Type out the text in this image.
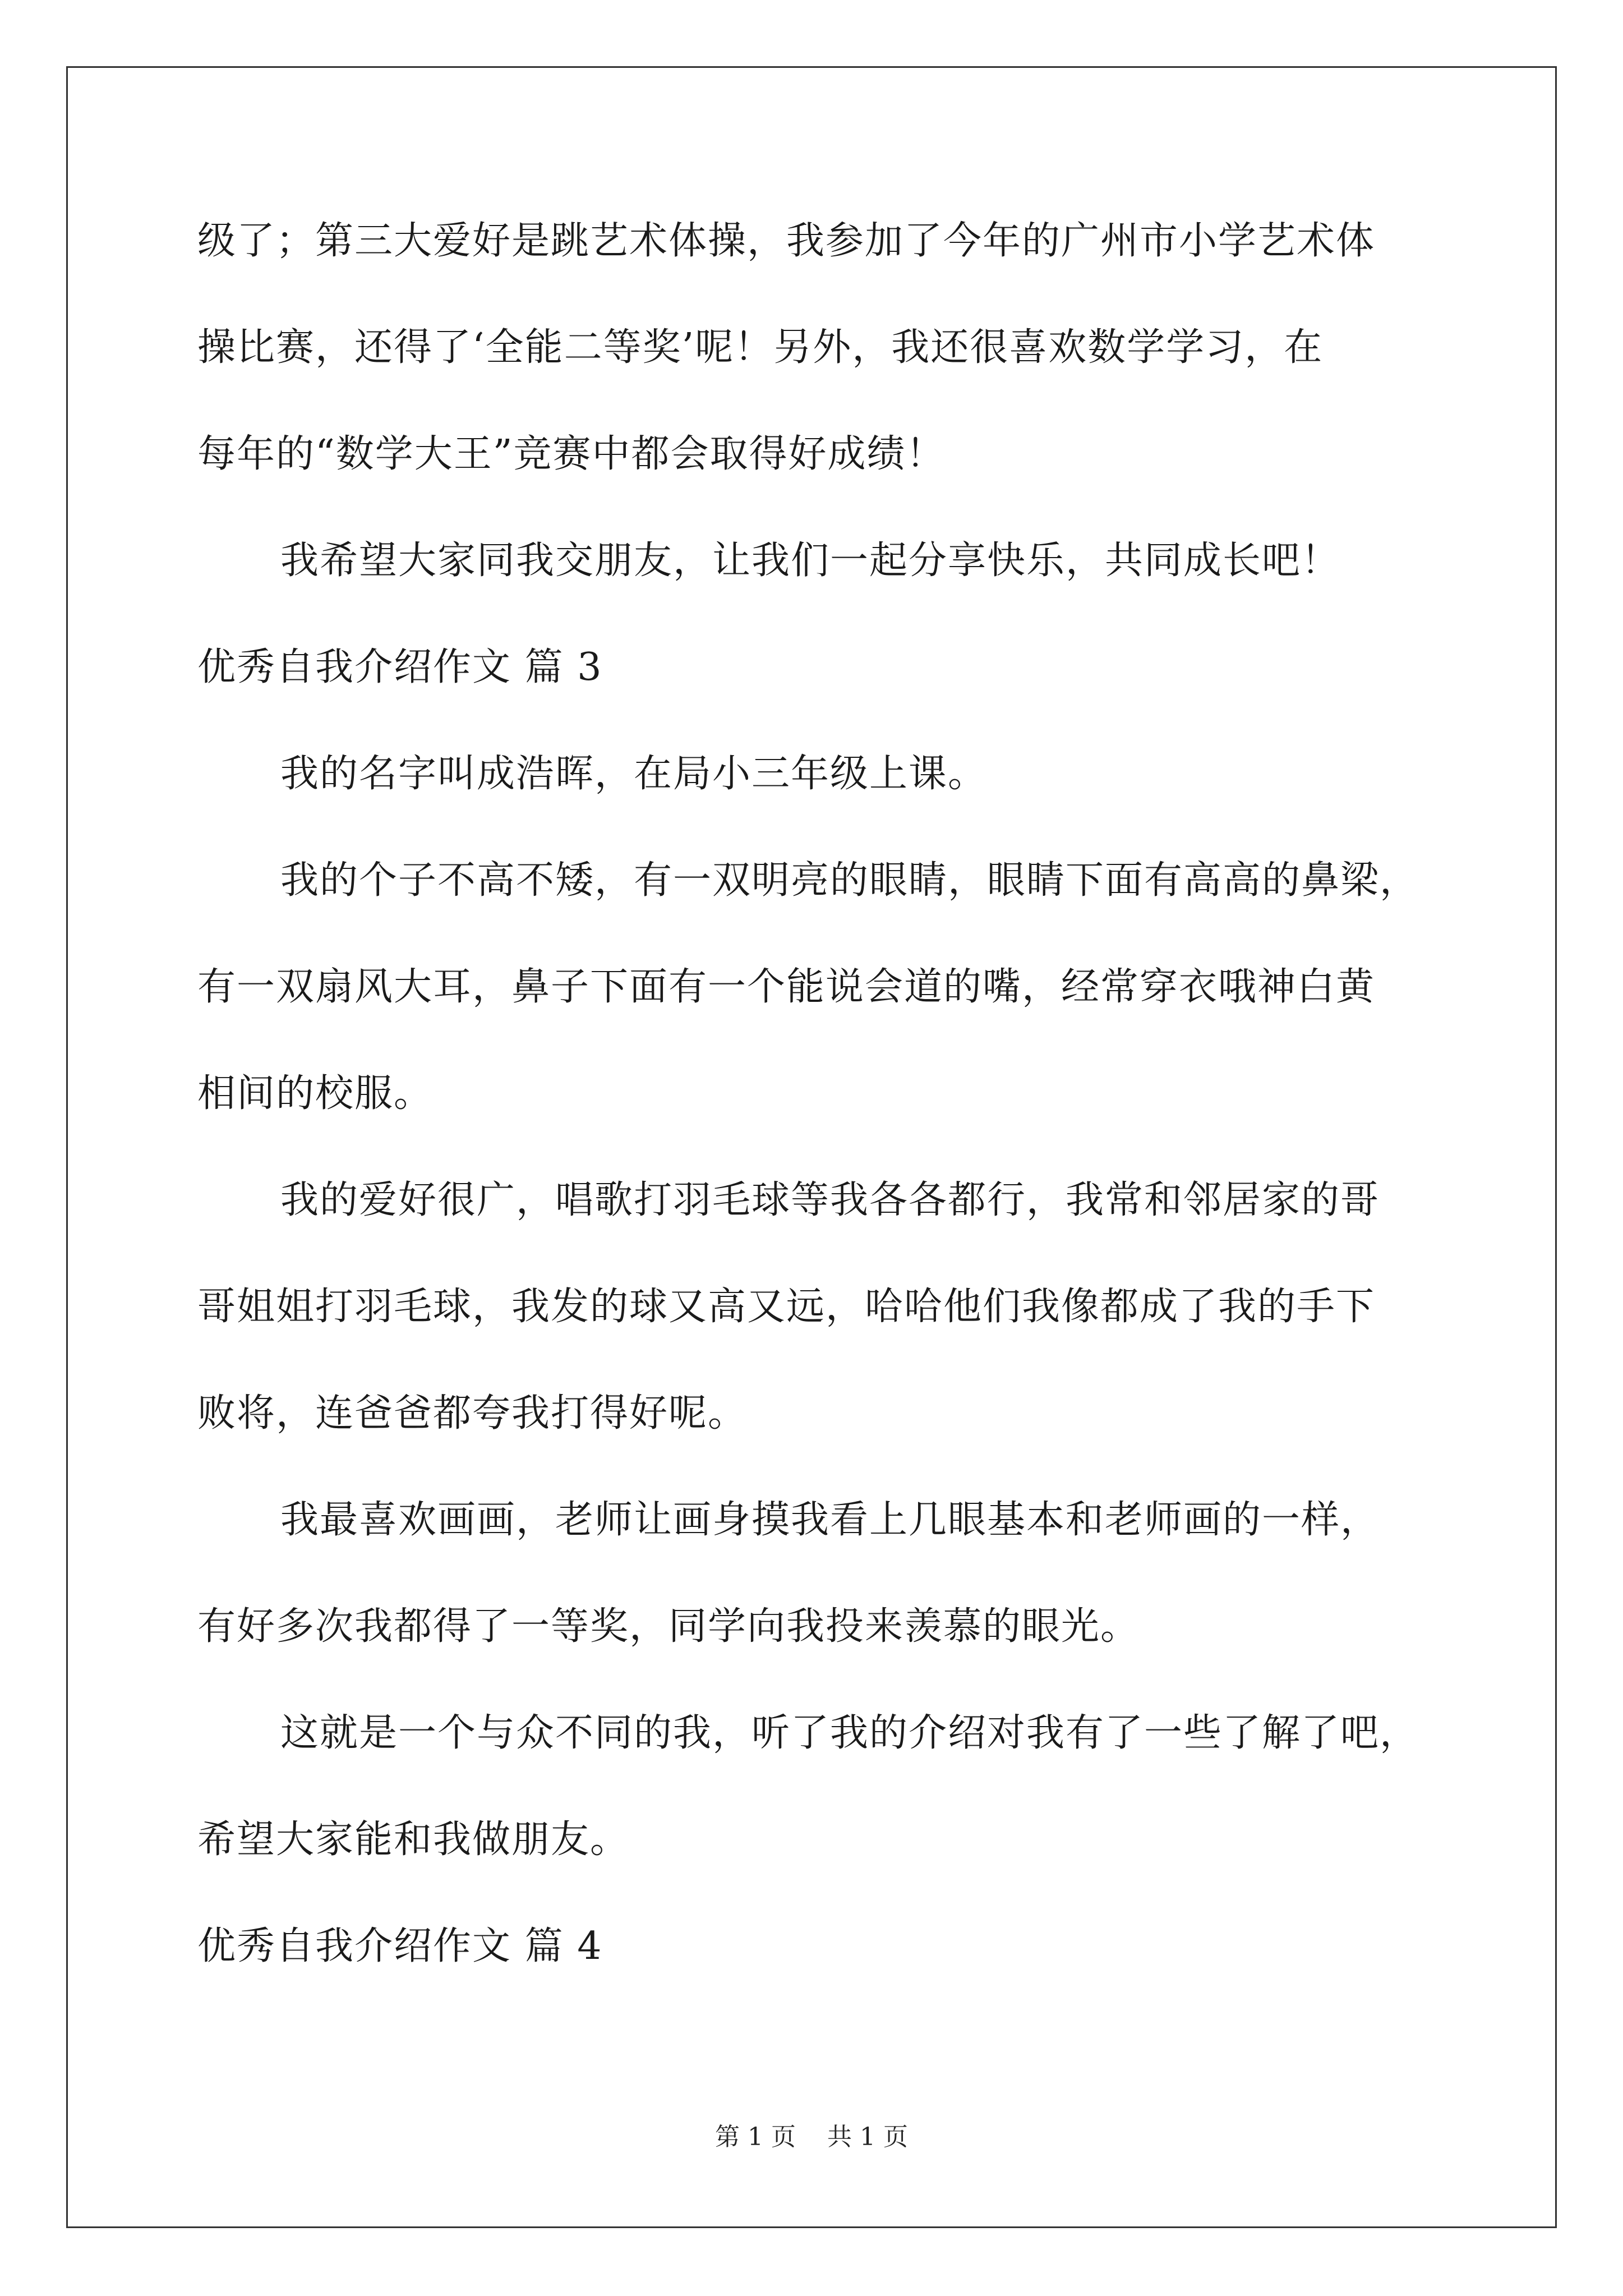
级了；第三大爱好是跳艺术体操，我参加了今年的广州市小学艺术体
操比赛，还得了‘全能二等奖’呢！另外，我还很喜欢数学学习，在
每年的“数学大王”竞赛中都会取得好成绩！
我希望大家同我交朋友，让我们一起分享快乐，共同成长吧！
优秀自我介绍作文 篇 3
我的名字叫成浩晖，在局小三年级上课。
我的个子不高不矮，有一双明亮的眼睛，眼睛下面有高高的鼻梁，
有一双扇风大耳，鼻子下面有一个能说会道的嘴，经常穿衣哦神白黄
相间的校服。
我的爱好很广，唱歌打羽毛球等我各各都行，我常和邻居家的哥
哥姐姐打羽毛球，我发的球又高又远，哈哈他们我像都成了我的手下
败将，连爸爸都夸我打得好呢。
我最喜欢画画，老师让画身摸我看上几眼基本和老师画的一样，
有好多次我都得了一等奖，同学向我投来羡慕的眼光。
这就是一个与众不同的我，听了我的介绍对我有了一些了解了吧，
希望大家能和我做朋友。
优秀自我介绍作文 篇 4
第 1 页 共 1 页
